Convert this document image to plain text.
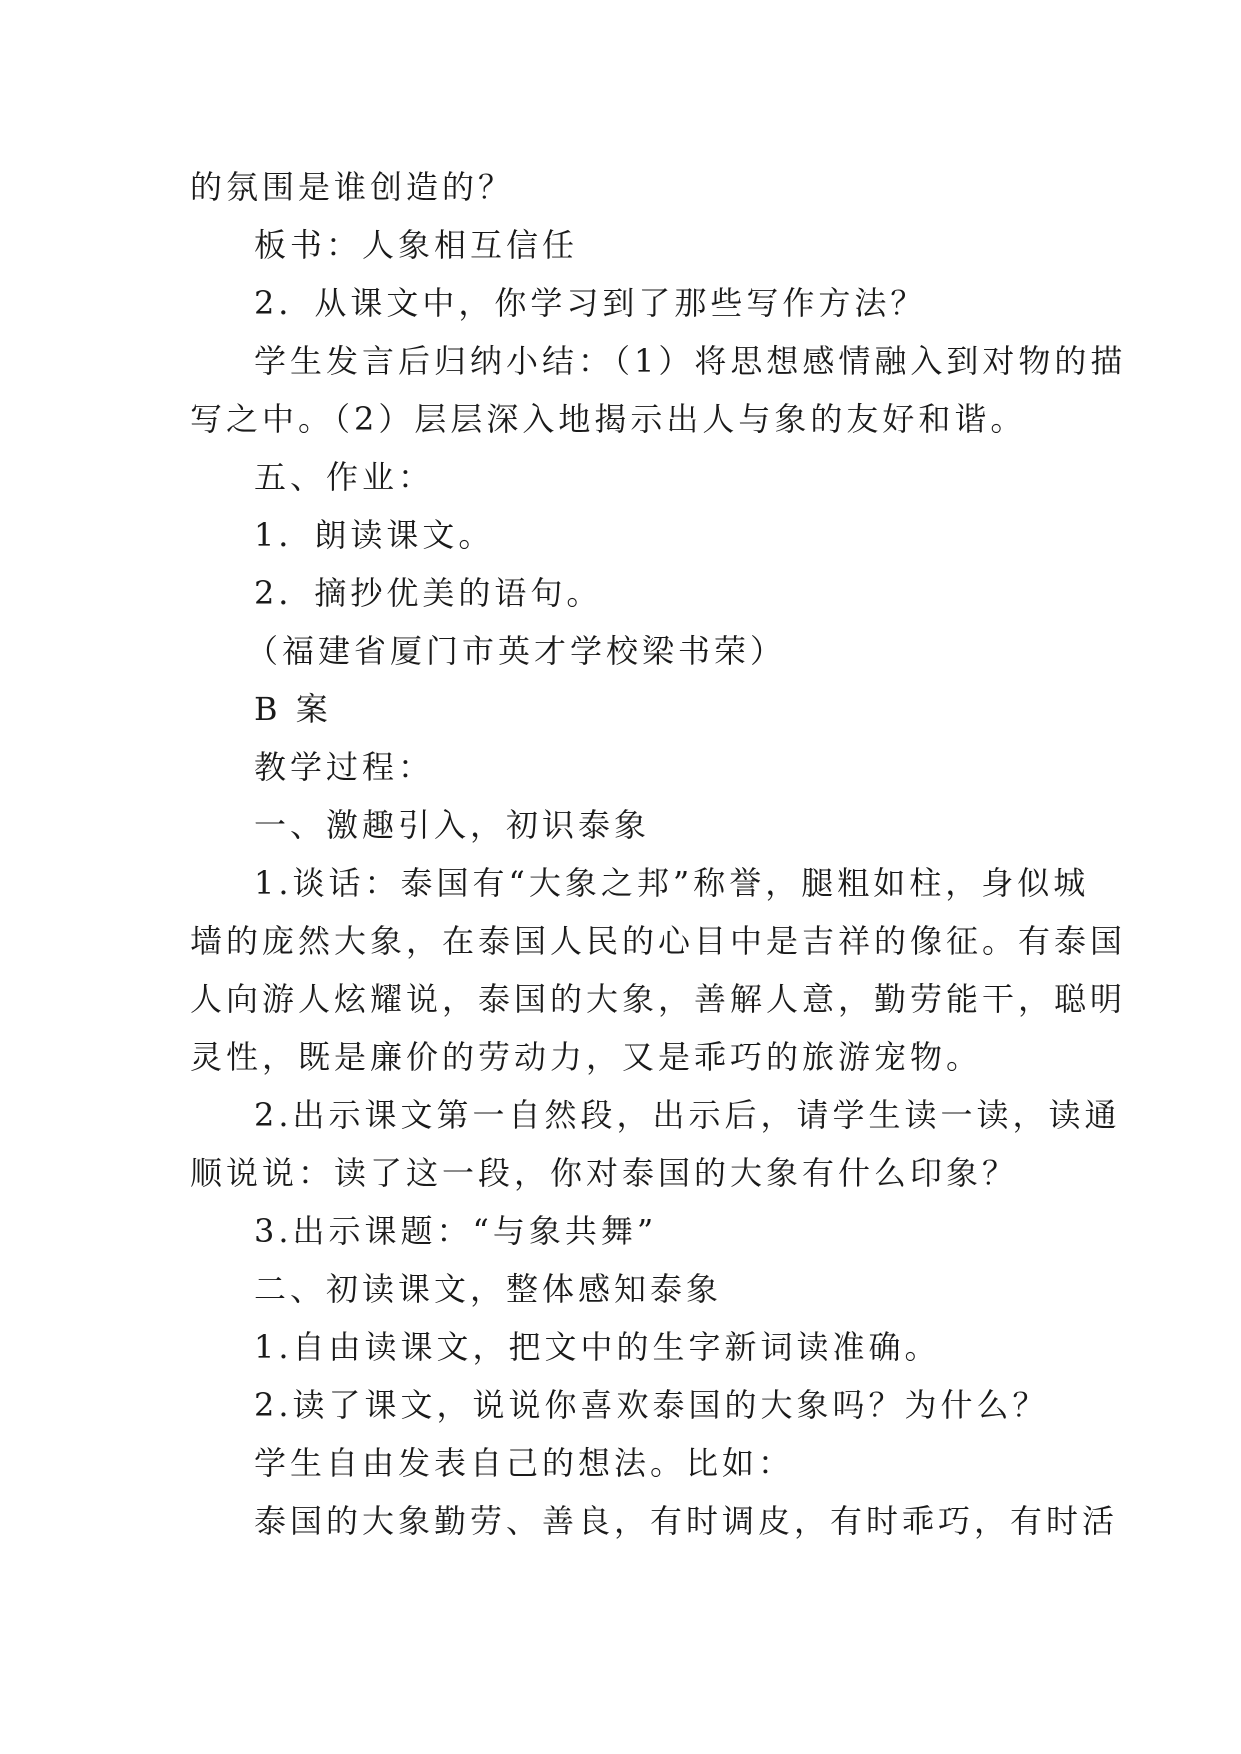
的氛围是谁创造的？
板书：人象相互信任
2．从课文中，你学习到了那些写作方法？
学生发言后归纳小结：（1）将思想感情融入到对物的描
写之中。（2）层层深入地揭示出人与象的友好和谐。
五、作业：
1．朗读课文。
2．摘抄优美的语句。
（福建省厦门市英才学校梁书荣）
B 案
教学过程：
一、激趣引入，初识泰象
1.谈话：泰国有“大象之邦”称誉，腿粗如柱，身似城
墙的庞然大象，在泰国人民的心目中是吉祥的像征。有泰国
人向游人炫耀说，泰国的大象，善解人意，勤劳能干，聪明
灵性，既是廉价的劳动力，又是乖巧的旅游宠物。
2.出示课文第一自然段，出示后，请学生读一读，读通
顺说说：读了这一段，你对泰国的大象有什么印象？
3.出示课题：“与象共舞”
二、初读课文，整体感知泰象
1.自由读课文，把文中的生字新词读准确。
2.读了课文，说说你喜欢泰国的大象吗？为什么？
学生自由发表自己的想法。比如：
泰国的大象勤劳、善良，有时调皮，有时乖巧，有时活
